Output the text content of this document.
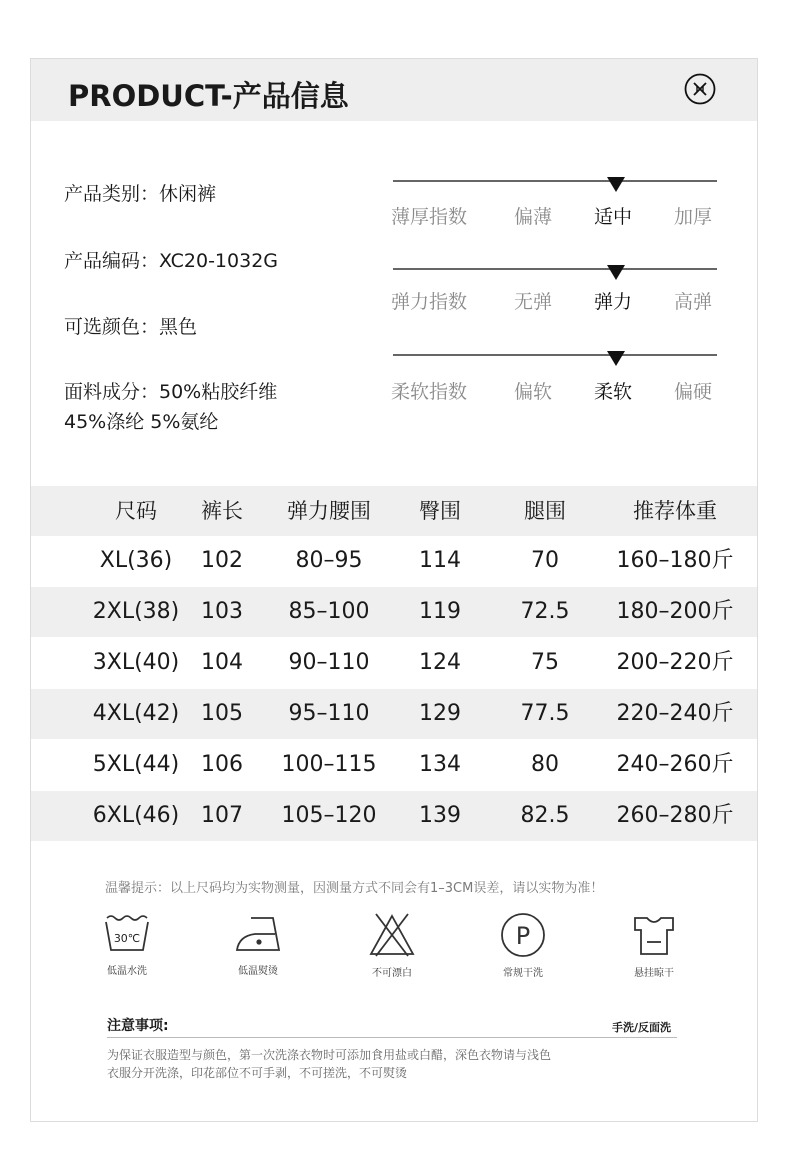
PRODUCT-产品信息
产品类别：休闲裤
产品编码：XC20-1032G
可选颜色：黑色
面料成分：50%粘胶纤维
45%涤纶 5%氨纶
薄厚指数 偏薄 适中 加厚
弹力指数 无弹 弹力 高弹
柔软指数 偏软 柔软 偏硬
尺码	裤长	弹力腰围	臀围	腿围	推荐体重
XL(36)	102	80–95	114	70	160–180斤
2XL(38) 103	85–100	119	72.5	180–200斤
3XL(40) 104	90–110	124	75	200–220斤
4XL(42) 105	95–110	129	77.5	220–240斤
5XL(44) 106	100–115	134	80	240–260斤
6XL(46) 107	105–120	139	82.5	260–280斤
温馨提示：以上尺码均为实物测量，因测量方式不同会有1–3CM误差，请以实物为准！
30℃
低温水洗	低温熨烫	不可漂白
P
常规干洗	悬挂晾干
注意事项:	手洗/反面洗
为保证衣服造型与颜色，第一次洗涤衣物时可添加食用盐或白醋，深色衣物请与浅色
衣服分开洗涤，印花部位不可手剥，不可搓洗，不可熨烫
